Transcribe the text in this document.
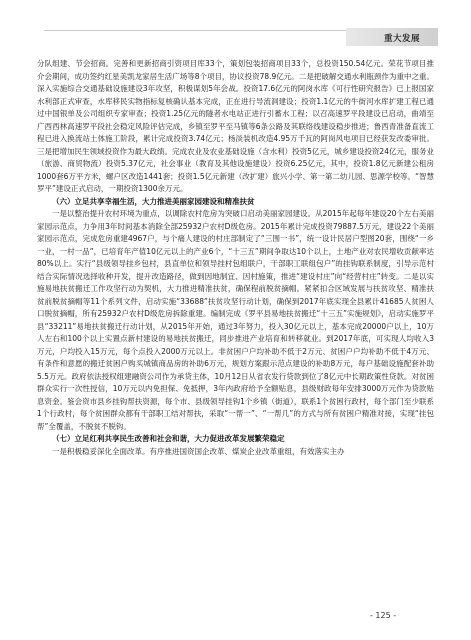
重大发展

分队组建、节会招商。完善和更新招商引资项目库33个，策划包装招商项目33个，总投资150.54亿元。荣花节项目推介会期间，成功签约红星美凯龙家居生活广场等8个项目，协议投资78.9亿元。二是把破解交通水利瓶颈作为重中之重。深入实施综合交通基础设施建设3年攻坚，积极谋划5年会战。投资17.6亿元的阿岗水库《可行性研究报告》已上报国家水利部正式审查，水库移民实物指标复核确认基本完成，正在进行导流洞建设；投资1.1亿元的牛街河水库扩建工程已通过中国银单及公司组织专家审查；投资1.25亿元的隧者水电站正进行引蓄水工程；以召高速罗平段建设已启动，曲靖至广西西林高速罗平段社会稳定风险评估完成，乡镇至罗平至马镇等6条公路及其联络线建设稳步推进；鲁西青准备直流工程已进入换流站土体施工阶段，累计完成投资3.74亿元；杨淡装机改造4.95万千瓦的阿岗风电项目已经获发改委审批。三是把增加民生领域投资作为最大政绩。完成农业及农业基础设施（含水利）投资5亿元，城乡建设投资24亿元，服务业（旅游、商贸物流）投资5.37亿元，社会事业（教育及其他设施建设）投资6.25亿元，其中，投资1.8亿元新建公租房1000套6万平方米，螺户区改造1441套；投资1.5亿元新建（改扩建）旅兴小学、第一第二幼儿园、思源学校等。“智慧罗平”建设正式启动，一期投资1300余万元。

（六）立足共享幸福生活，大力推进美丽家园建设和精准扶贫

一是以整治提升农村环境为重点，以调除农村危房为突破口启动美丽家园建设。从2015年起每年建设20个左右美丽家园示范点，力争用3年时间基本消除全部25932户农村D级危房。2015年累计完成投资79887.5万元，建设22个美丽家园示范点，完成危房重建4967户，与个痛人建设的村庄部制定了“三围一书”，统一设计民居户型图20套，围绕“一乡一业，一村一品”，已培育年产值10亿元以上的产业6个，“十三五”期间争取达10个以上，土地产业对农民增收贡献率达80%以上。实行“县级领导挂乡包村，县直单位和领导挂村包组联户，干部职工联组包户”的挂钩联系制度，引导示范村结合实际情况选择收种开发，提升改造路径，做到因地制宜、因村施策，推进“建设村庄”向“经营村庄”转变。二是以实施易地扶贫搬迁工作攻坚行动为契机，大力推进精准扶贫，确保程前脱贫摘帽。紧紧扣合区域发展与扶贫攻坚、精准扶贫前脱贫摘帽等11个系列文件，启动实施“33688”扶贫攻坚行动计划，确保到2017年底实现全县累计41685人贫困人口脱贫摘帽，所有25932户农村D级危房拆除重建。编制完成《罗平县易地扶贫搬迁“十三五”实施规划》，启动实施罗平县“33211”易地扶贫搬迁行动计划，从2015年开始，通过3年努力，投入30亿元以上，基本完成20000户以上，10万人左右和100个以上实置点新村建设的易地扶贫搬迁，同步推进产业培育和转移就业。到2017年底，可实现人均收入3万元，户均投入15万元，每个点投入2000万元以上。非贫困户户均补助不低于2万元、贫困户户均补助不低于4万元、有条件和意愿的搬迁贫困户购买城镇商品房的补助6万元，规划方案跟示范点建设的补助8万元，每户基础设施配套补助5.5万元。政府依法授权组建融资公司作为承贷主体，10月12日从省农发行贷款到位了8亿元中长期政策性贷款。对贫困群众实行一次性授信，10万元以内免担保、免抵押，3年内政府给予全额贴息，县级财政每年安排3000万元作为贷款贴息资金。鉴会资市县乡挂钩帮扶资源，每个市、县级领导挂钩1个乡镇（街道），联系1个贫困行政村，每个部门至少联系1个行政村，每个贫困群众都有干部职工结对帮扶，采取“一帮一”、“一帮几”的方式与所有贫困户精准对接，实现“挂包帮”全覆盖，不脱贫不脱钩。

（七）立足红利共享民生改善和社会和谐，大力促进改革发展繁荣稳定

一是积极稳妥深化全面改革。有序推进国资国企改革、煤炭企业改革重组，有效落实主办

- 125 -
